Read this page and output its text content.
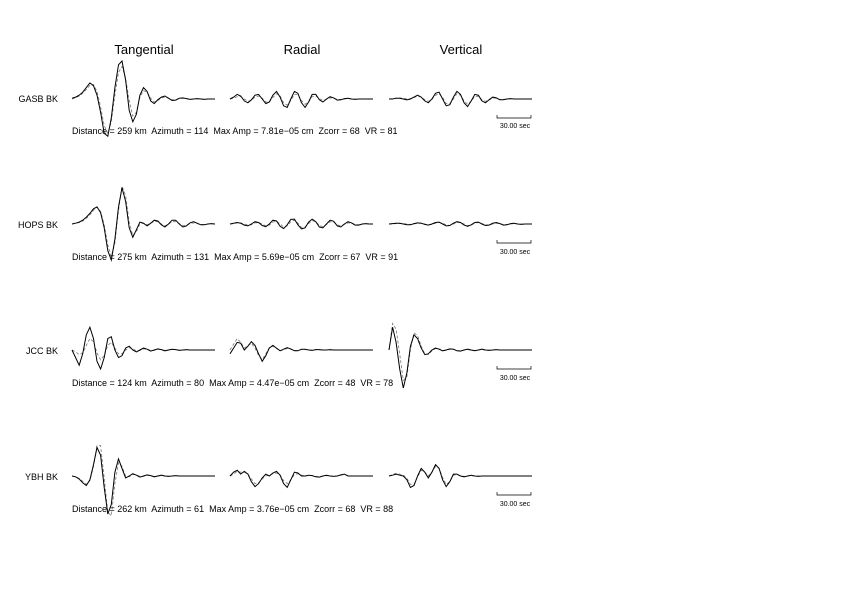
Tangential	Radial	Vertical
GASB BK
HOPS BK
JCC BK
YBH BK
Distance = 259 km  Azimuth = 114  Max Amp = 7.81e−05 cm  Zcorr = 68  VR = 81
Distance = 275 km  Azimuth = 131  Max Amp = 5.69e−05 cm  Zcorr = 67  VR = 91
Distance = 124 km  Azimuth = 80  Max Amp = 4.47e−05 cm  Zcorr = 48  VR = 78
Distance = 262 km  Azimuth = 61  Max Amp = 3.76e−05 cm  Zcorr = 68  VR = 88
30.00 sec
30.00 sec
30.00 sec
30.00 sec
